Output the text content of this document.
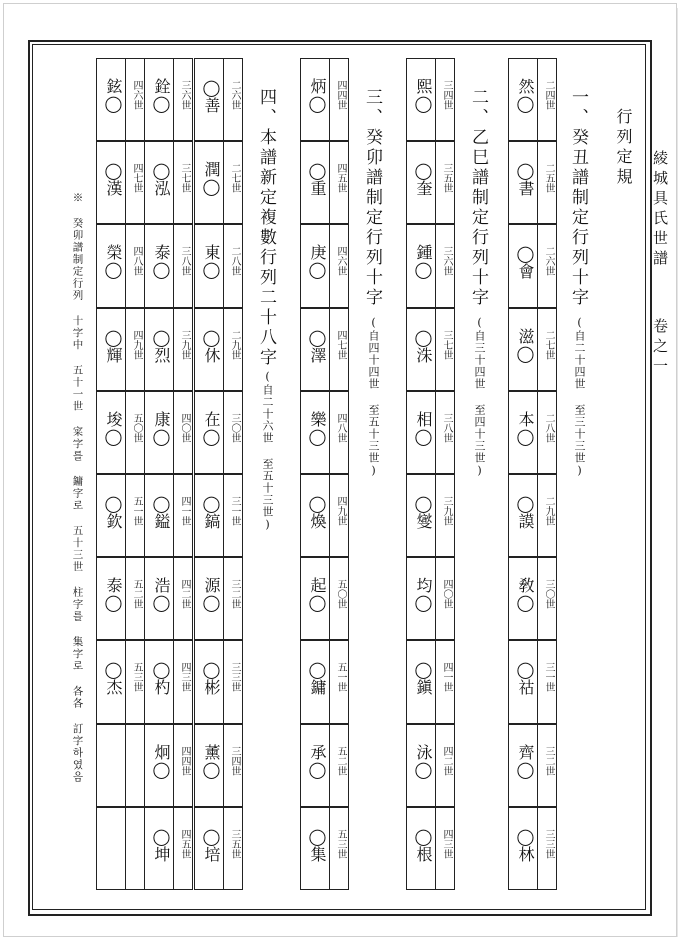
綾城具氏世譜
卷之一
行列定規
一、癸丑譜制定行列十字
(自二十四世 至三十三世)
然◯ 二四世
◯書 二五世
◯會 二六世
滋◯ 二七世
本◯ 二八世
◯謨 二九世
敎◯ 三〇世
◯祜 三一世
齊◯ 三二世
◯林 三三世
二、乙巳譜制定行列十字
(自三十四世 至四十三世)
熙◯ 三四世
◯奎 三五世
鍾◯ 三六世
◯洙 三七世
相◯ 三八世
◯燮 三九世
均◯ 四〇世
◯鎭 四一世
泳◯ 四二世
◯根 四三世
三、癸卯譜制定行列十字
(自四十四世 至五十三世)
炳◯ 四四世
◯重 四五世
庚◯ 四六世
◯澤 四七世
樂◯ 四八世
◯煥 四九世
起◯ 五〇世
◯鏞 五一世
承◯ 五二世
◯集 五三世
四、本譜新定複數行列二十八字
(自二十六世 至五十三世)
◯善 二六世
潤◯ 二七世
東◯ 二八世
◯休 二九世
在◯ 三〇世
◯鎬 三一世
源◯ 三二世
◯彬 三三世
薰◯ 三四世
◯培 三五世
銓◯ 三六世
◯泓 三七世
泰◯ 三八世
◯烈 三九世
康◯ 四〇世
◯鎰 四一世
浩◯ 四二世
◯杓 四三世
炯◯ 四四世
◯坤 四五世
鉉◯ 四六世
◯漢 四七世
榮◯ 四八世
◯輝 四九世
埈◯ 五〇世
◯欽 五一世
泰◯ 五二世
◯杰 五三世
※ 癸卯譜制定行列 十字中 五十一世 寀字를 鏞字로 五十三世 柱字를 集字로 各各 訂字하였음
